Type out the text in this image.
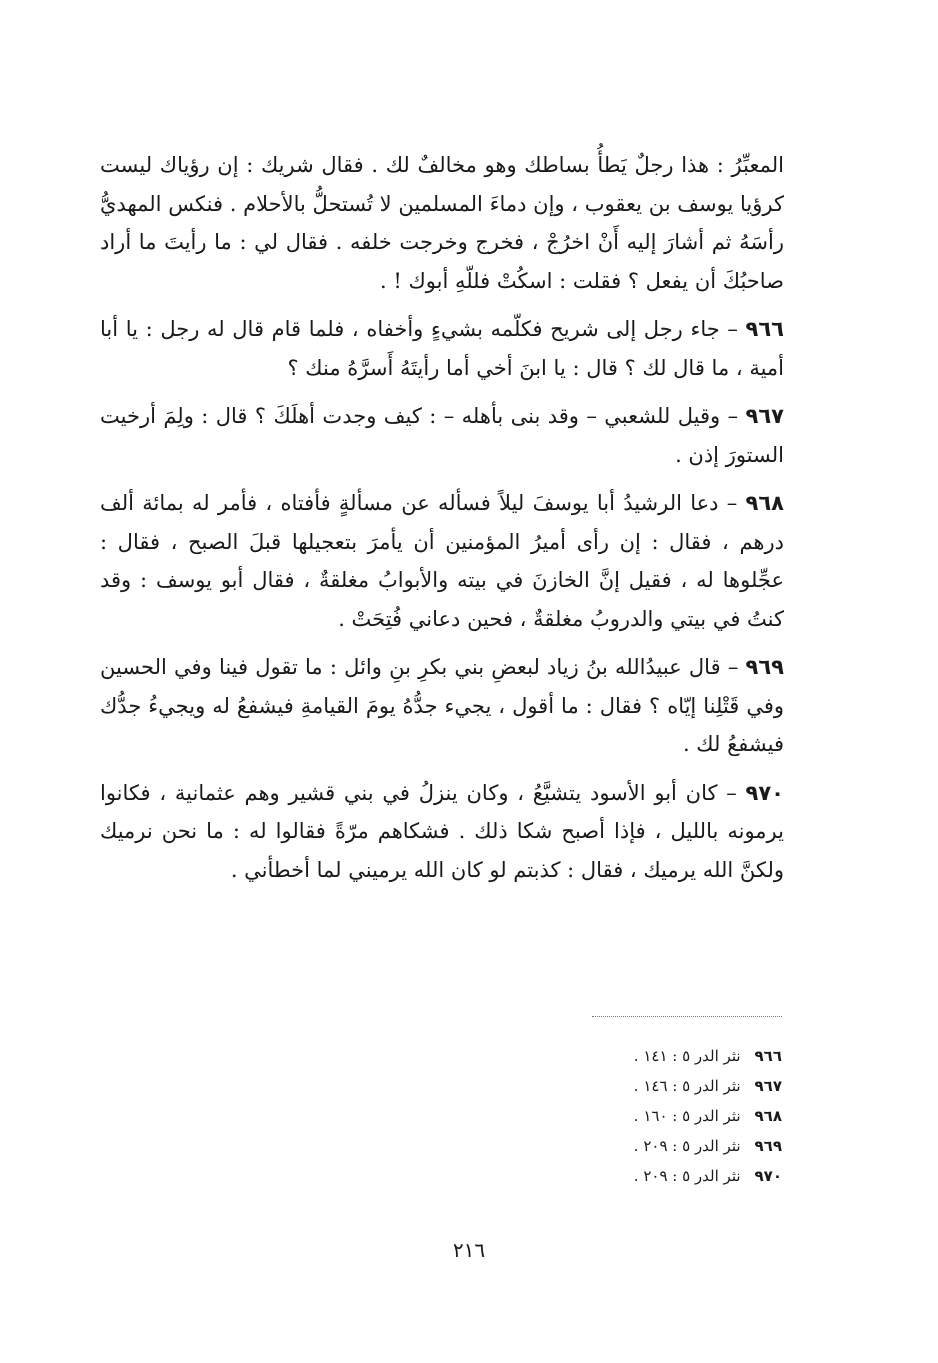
المعبِّرُ : هذا رجلٌ يَطأُ بساطك وهو مخالفٌ لك . فقال شريك : إن رؤياك ليست كرؤيا يوسف بن يعقوب ، وإن دماءَ المسلمين لا تُستحلُّ بالأحلام . فنكس المهديُّ رأسَهُ ثم أشارَ إليه أَنْ اخرُجْ ، فخرج وخرجت خلفه . فقال لي : ما رأيتَ ما أراد صاحبُكَ أن يفعل ؟ فقلت : اسكُتْ فللّهِ أبوك ! .

٩٦٦ – جاء رجل إلى شريح فكلّمه بشيءٍ وأخفاه ، فلما قام قال له رجل : يا أبا أمية ، ما قال لك ؟ قال : يا ابنَ أخي أما رأيتَهُ أَسرَّهُ منك ؟

٩٦٧ – وقيل للشعبي – وقد بنى بأهله – : كيف وجدت أهلَكَ ؟ قال : ولِمَ أرخيت الستورَ إذن .

٩٦٨ – دعا الرشيدُ أبا يوسفَ ليلاً فسأله عن مسألةٍ فأفتاه ، فأمر له بمائة ألف درهم ، فقال : إن رأى أميرُ المؤمنين أن يأمرَ بتعجيلها قبلَ الصبح ، فقال : عجِّلوها له ، فقيل إنَّ الخازنَ في بيته والأبوابُ مغلقةٌ ، فقال أبو يوسف : وقد كنتُ في بيتي والدروبُ مغلقةٌ ، فحين دعاني فُتِحَتْ .

٩٦٩ – قال عبيدُالله بنُ زياد لبعضِ بني بكرِ بنِ وائل : ما تقول فينا وفي الحسين وفي قَتْلِنا إيّاه ؟ فقال : ما أقول ، يجيء جدُّهُ يومَ القيامةِ فيشفعُ له ويجيءُ جدُّك فيشفعُ لك .

٩٧٠ – كان أبو الأسود يتشيَّعُ ، وكان ينزلُ في بني قشير وهم عثمانية ، فكانوا يرمونه بالليل ، فإذا أصبح شكا ذلك . فشكاهم مرّةً فقالوا له : ما نحن نرميك ولكنَّ الله يرميك ، فقال : كذبتم لو كان الله يرميني لما أخطأني .

٩٦٦
نثر الدر ٥ : ١٤١ .
٩٦٧
نثر الدر ٥ : ١٤٦ .
٩٦٨
نثر الدر ٥ : ١٦٠ .
٩٦٩
نثر الدر ٥ : ٢٠٩ .
٩٧٠
نثر الدر ٥ : ٢٠٩ .
٢١٦
